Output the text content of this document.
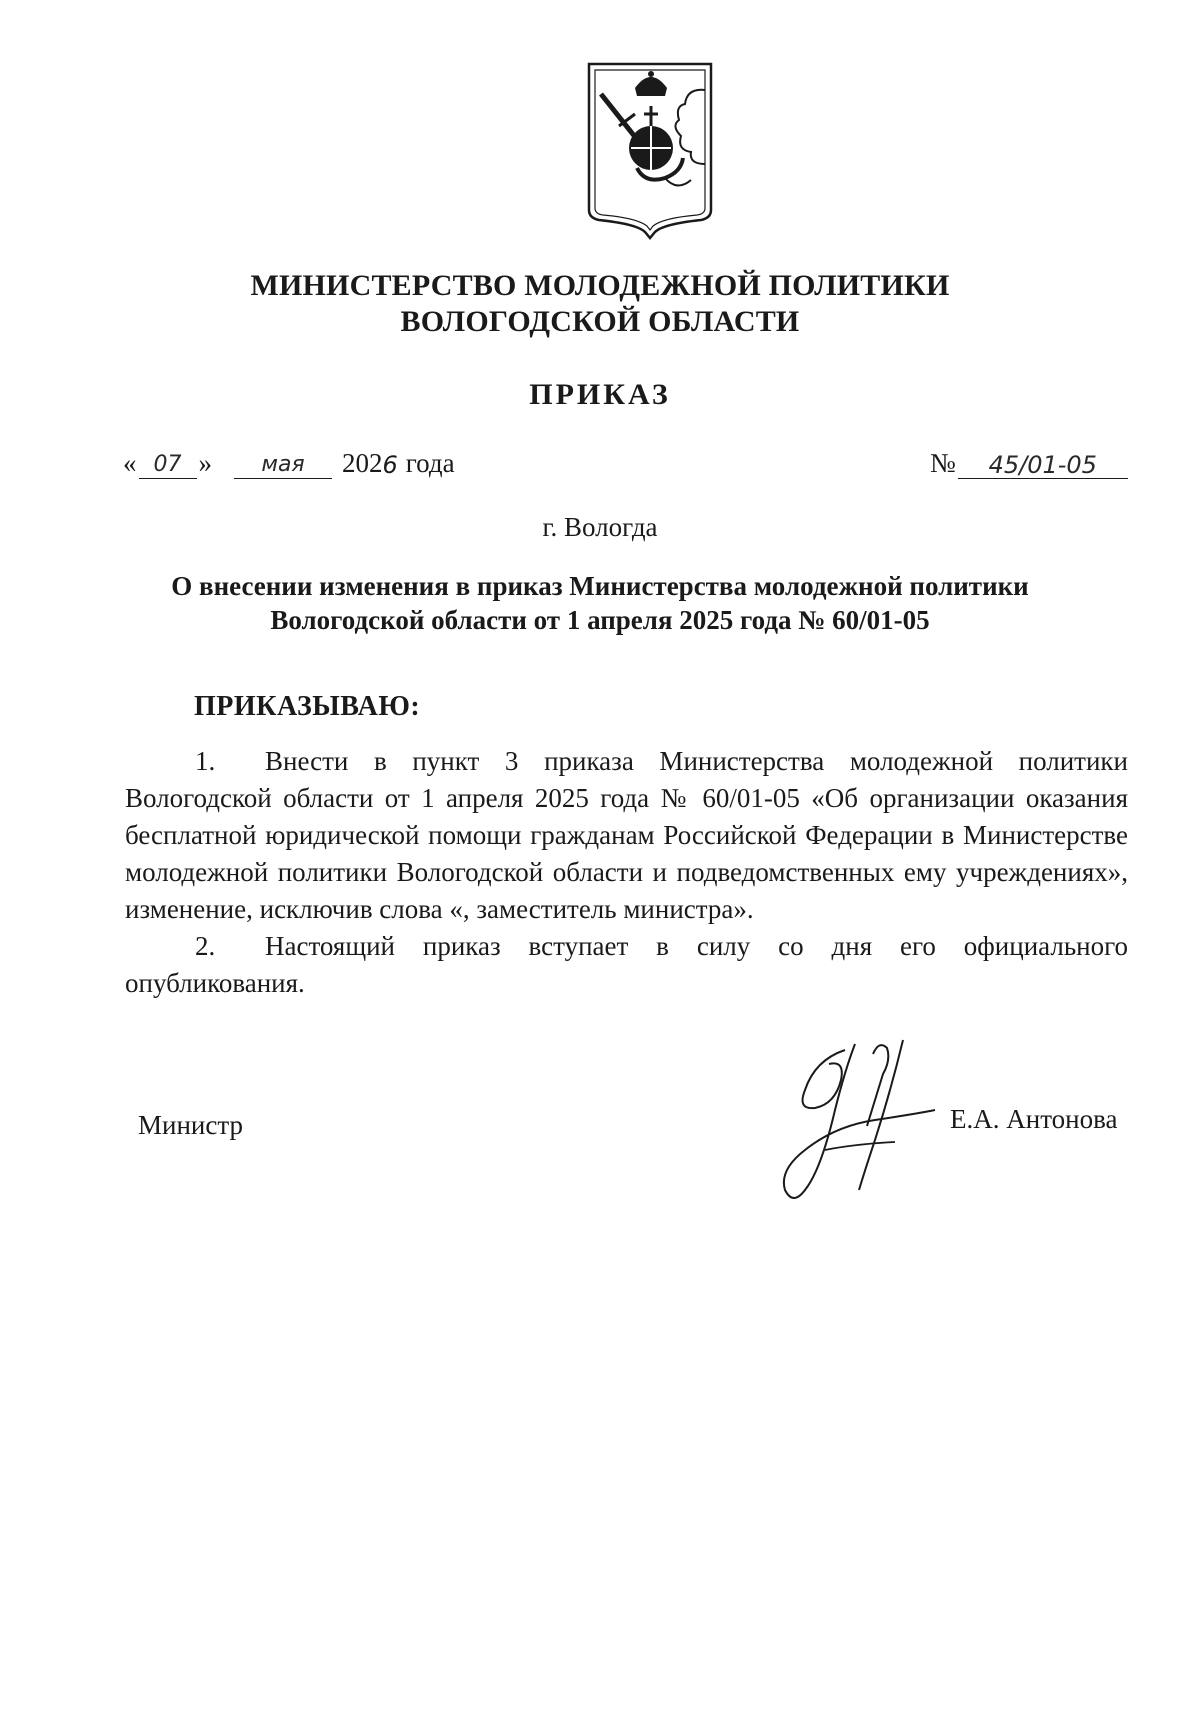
МИНИСТЕРСТВО МОЛОДЕЖНОЙ ПОЛИТИКИ
ВОЛОГОДСКОЙ ОБЛАСТИ
ПРИКАЗ
« 07 »	мая	202 6 года	№	45/01-05
г. Вологда
О внесении изменения в приказ Министерства молодежной политики
Вологодской области от 1 апреля 2025 года № 60/01-05
ПРИКАЗЫВАЮ:

1. Внести в пункт 3 приказа Министерства молодежной политики Вологодской области от 1 апреля 2025 года № 60/01-05 «Об организации оказания бесплатной юридической помощи гражданам Российской Федерации в Министерстве молодежной политики Вологодской области и подведомственных ему учреждениях», изменение, исключив слова «, заместитель министра».

2. Настоящий приказ вступает в силу со дня его официального опубликования.

Министр	Е.А. Антонова
